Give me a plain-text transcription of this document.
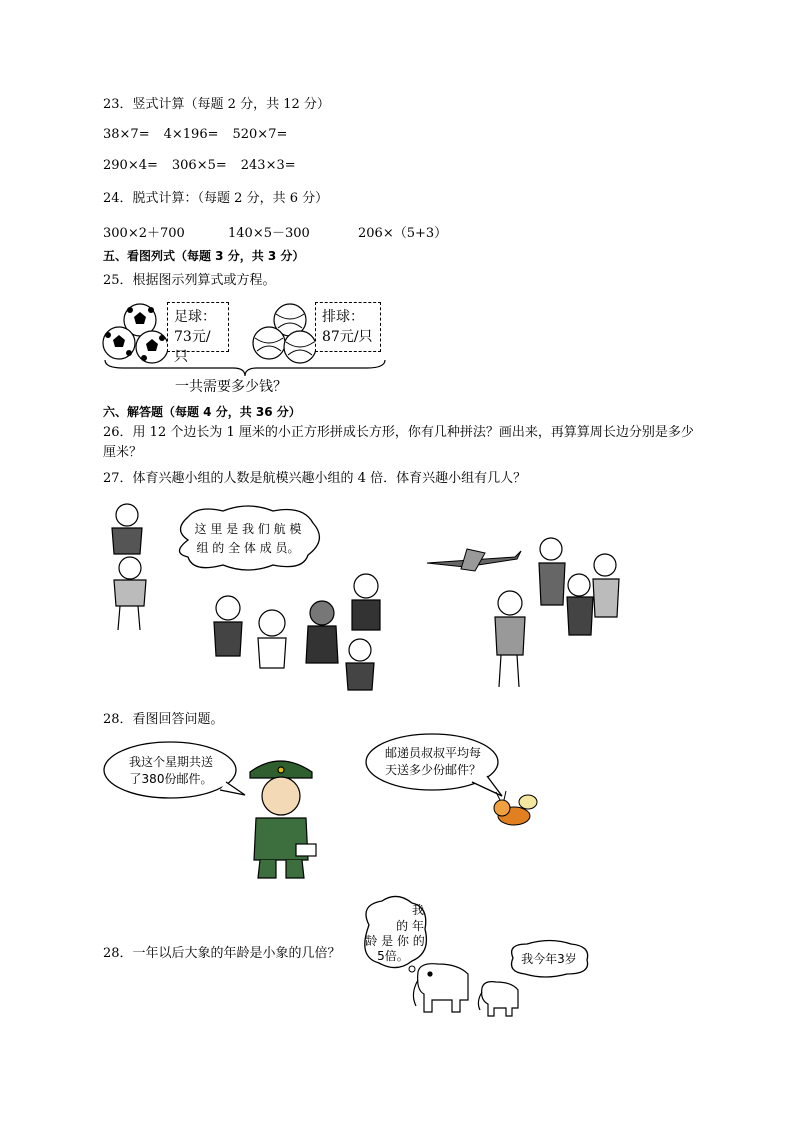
23．竖式计算（每题 2 分，共 12 分）
38×7= 4×196= 520×7=
290×4= 306×5= 243×3=
24．脱式计算：（每题 2 分，共 6 分）
300×2＋700	140×5－300	206×（5+3）
五、看图列式（每题 3 分，共 3 分）
25．根据图示列算式或方程。
足球：
73元/只
排球：
87元/只
一共需要多少钱？
六、解答题（每题 4 分，共 36 分）
26．用 12 个边长为 1 厘米的小正方形拼成长方形，你有几种拼法？画出来，再算算周长边分别是多少厘米？
27．体育兴趣小组的人数是航模兴趣小组的 4 倍．体育兴趣小组有几人？
这 里 是 我 们 航 模
组 的 全 体 成 员。
28．看图回答问题。
我这个星期共送
了380份邮件。
邮递员叔叔平均每
天送多少份邮件？
28．一年以后大象的年龄是小象的几倍？
我
的 年
龄 是 你 的
5倍。	我今年3岁
